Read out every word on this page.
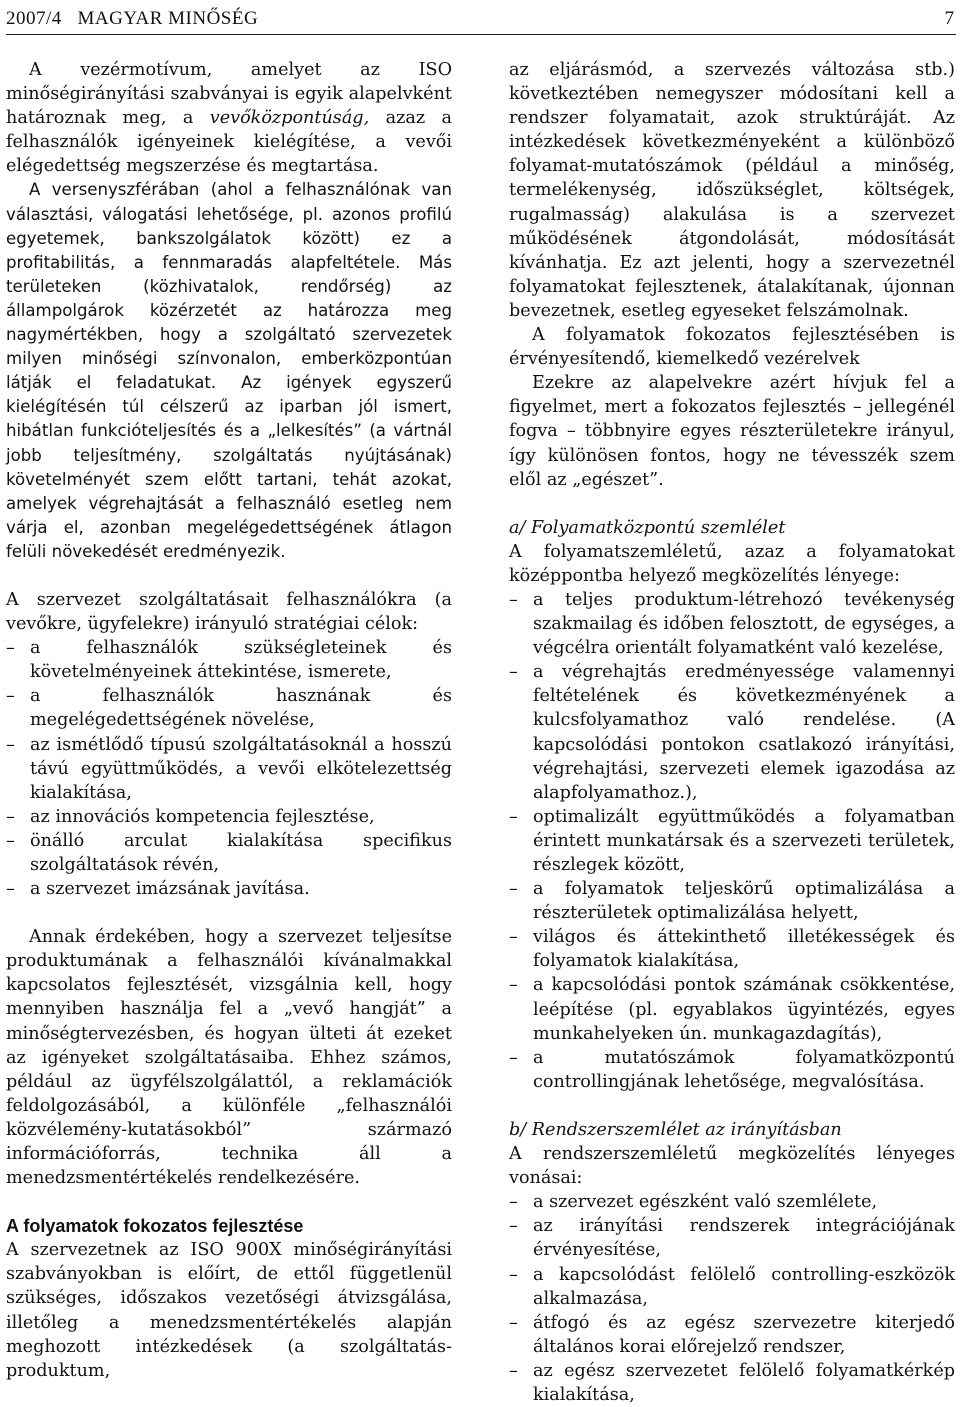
2007/4   MAGYAR MINŐSÉG	7

A vezérmotívum, amelyet az ISO minőségirányítási szabványai is egyik alapelvként határoznak meg, a vevőközpontúság, azaz a felhasználók igényeinek kielégítése, a vevői elégedettség megszerzése és megtartása.

A versenyszférában (ahol a felhasználónak van választási, válogatási lehetősége, pl. azonos profilú egyetemek, bankszolgálatok között) ez a profitabilitás, a fennmaradás alapfeltétele. Más területeken (közhivatalok, rendőrség) az állampolgárok közérzetét az határozza meg nagymértékben, hogy a szolgáltató szervezetek milyen minőségi színvonalon, emberközpontúan látják el feladatukat. Az igények egyszerű kielégítésén túl célszerű az iparban jól ismert, hibátlan funkcióteljesítés és a „lelkesítés” (a vártnál jobb teljesítmény, szolgáltatás nyújtásának) követelményét szem előtt tartani, tehát azokat, amelyek végrehajtását a felhasználó esetleg nem várja el, azonban megelégedettségének átlagon felüli növekedését eredményezik.

A szervezet szolgáltatásait felhasználókra (a vevőkre, ügyfelekre) irányuló stratégiai célok:

– a felhasználók szükségleteinek és követelményeinek áttekintése, ismerete,
– a felhasználók hasznának és megelégedettségének növelése,
– az ismétlődő típusú szolgáltatásoknál a hosszú távú együttműködés, a vevői elkötelezettség kialakítása,
– az innovációs kompetencia fejlesztése,
– önálló arculat kialakítása specifikus szolgáltatások révén,
– a szervezet imázsának javítása.

Annak érdekében, hogy a szervezet teljesítse produktumának a felhasználói kívánalmakkal kapcsolatos fejlesztését, vizsgálnia kell, hogy mennyiben használja fel a „vevő hangját” a minőségtervezésben, és hogyan ülteti át ezeket az igényeket szolgáltatásaiba. Ehhez számos, például az ügyfélszolgálattól, a reklamációk feldolgozásából, a különféle „felhasználói közvélemény-kutatásokból” származó információforrás, technika áll a menedzsmentértékelés rendelkezésére.

A folyamatok fokozatos fejlesztése

A szervezetnek az ISO 900X minőségirányítási szabványokban is előírt, de ettől függetlenül szükséges, időszakos vezetőségi átvizsgálása, illetőleg a menedzsmentértékelés alapján meghozott intézkedések (a szolgáltatás-produktum,

az eljárásmód, a szervezés változása stb.) következtében nemegyszer módosítani kell a rendszer folyamatait, azok struktúráját. Az intézkedések következményeként a különböző folyamat-mutatószámok (például a minőség, termelékenység, időszükséglet, költségek, rugalmasság) alakulása is a szervezet működésének átgondolását, módosítását kívánhatja. Ez azt jelenti, hogy a szervezetnél folyamatokat fejlesztenek, átalakítanak, újonnan bevezetnek, esetleg egyeseket felszámolnak.

A folyamatok fokozatos fejlesztésében is érvényesítendő, kiemelkedő vezérelvek

Ezekre az alapelvekre azért hívjuk fel a figyelmet, mert a fokozatos fejlesztés – jellegénél fogva – többnyire egyes részterületekre irányul, így különösen fontos, hogy ne tévesszék szem elől az „egészet”.

a/ Folyamatközpontú szemlélet

A folyamatszemléletű, azaz a folyamatokat középpontba helyező megközelítés lényege:

– a teljes produktum-létrehozó tevékenység szakmailag és időben felosztott, de egységes, a végcélra orientált folyamatként való kezelése,
– a végrehajtás eredményessége valamennyi feltételének és következményének a kulcsfolyamathoz való rendelése. (A kapcsolódási pontokon csatlakozó irányítási, végrehajtási, szervezeti elemek igazodása az alapfolyamathoz.),
– optimalizált együttműködés a folyamatban érintett munkatársak és a szervezeti területek, részlegek között,
– a folyamatok teljeskörű optimalizálása a részterületek optimalizálása helyett,
– világos és áttekinthető illetékességek és folyamatok kialakítása,
– a kapcsolódási pontok számának csökkentése, leépítése (pl. egyablakos ügyintézés, egyes munkahelyeken ún. munkagazdagítás),
– a mutatószámok folyamatközpontú controllingjának lehetősége, megvalósítása.

b/ Rendszerszemlélet az irányításban

A rendszerszemléletű megközelítés lényeges vonásai:

– a szervezet egészként való szemlélete,
– az irányítási rendszerek integrációjának érvényesítése,
– a kapcsolódást felölelő controlling-eszközök alkalmazása,
– átfogó és az egész szervezetre kiterjedő általános korai előrejelző rendszer,
– az egész szervezetet felölelő folyamatkérkép kialakítása,
